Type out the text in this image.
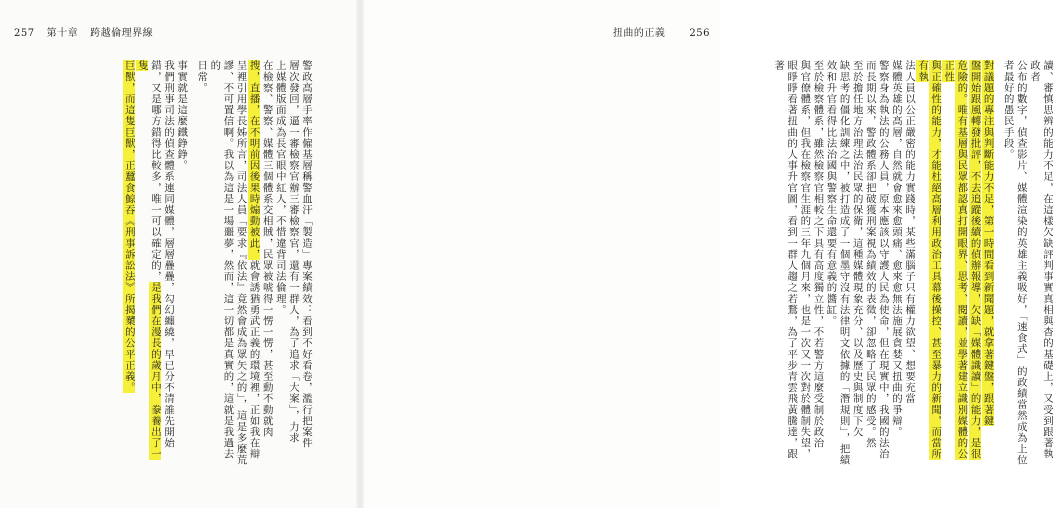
257 第十章 跨越倫理界線
警政高層手率作僱基層稱警血汗「製造」專案績效：看到不好看卷，濫行把案件
層次發回，逼一審檢察官辦三審檢察官，還有一群人，為了追求「大案」，力求
上媒體版面成為長官眼中紅人，不惜違背司法倫理。
在檢察、警察、媒體三個體系交相賊，民眾被唬得一愣一愣，甚至動不動就肉
搜，直播，在不明前因後果時煽動被此，就會誘猶勇武正義的環境裡，正如我在辯
呈裡引用學長姊所言，司法人員「要求『依法』竟然會成為眾矢之的」，這是多麼荒
謬、不可置信啊。我以為這是一場噩夢，然而，這一切都是真實的，這就是我過去的
日常。
事實就是這麼鐵錚錚。
我們刑事司法的偵查體系連同媒體，層層疊疊，勾幻纏繞，早已分不清誰先開始
錯，又是哪方錯得比較多，唯一可以確定的，是我們在漫長的歲月中，豢養出了一隻
巨獸，而這隻巨獸，正蠶食鯨吞《刑事訴訟法》所揭櫫的公平正義。
扭曲的正義 256
讀、審慎思辨的能力不足，在這樣欠缺評判事實真相與杳的基礎上，又受到跟著執政者
公布的數字，偵查影片、媒體渲染的英雄主義吸好，「速食式」的政績當然成為上位
者最好的愚民手段。
對議題的專注與判斷能力不足，第一時間看到新聞題，就拿著鍵盤，跟著鍵
盤開始跟風轉發批評，不去追蹤後續的偵辦報導，欠缺「媒體識讀」的能力，是很
危險的。唯有基層與民眾都認真打開眼界、思考、閱讀，並學著建立識別媒體的公正性
與正確性的能力，才能杜絕高層利用政治工具幕後操控、甚至暴力的新聞，而當所有執
法人員以公正嚴密的能力實踐時，某些滿腦子只有權力欲望、想要充當
媒體英雄的高層，自然就會愈來愈頭痛、愈來愈無法施展貪婪又扭曲的爭辯。
警察身為執法的公務人員，原本應該以守護人民為使命，但在現實中，我國的法治
而長期以來，警政體系卻把破獲刑案視為績效的表徵，卻忽略了民眾的感受。然
至於擔任地方治理法治民眾的保衛，這種媒體現象充分、以及歷史與制度下欠
缺思考的僵化訓練之中，被打造成了一個墨守沒有法律明文依據的「潛規則」，把績
效和升官看得比法治國與警察生命還要有意義的醬缸。
至於檢察體系，雖然檢察官相較之下具有高度獨立性，不若警方這麼受制於政治
與官僚體系，但我在檢察官生涯的三年九個月來，也是一次又一次對於體制失望，
眼睜睜看著扭曲的人事升官圖，看到一群人趨之若鶩，為了平步青雲飛黃騰達，跟著
